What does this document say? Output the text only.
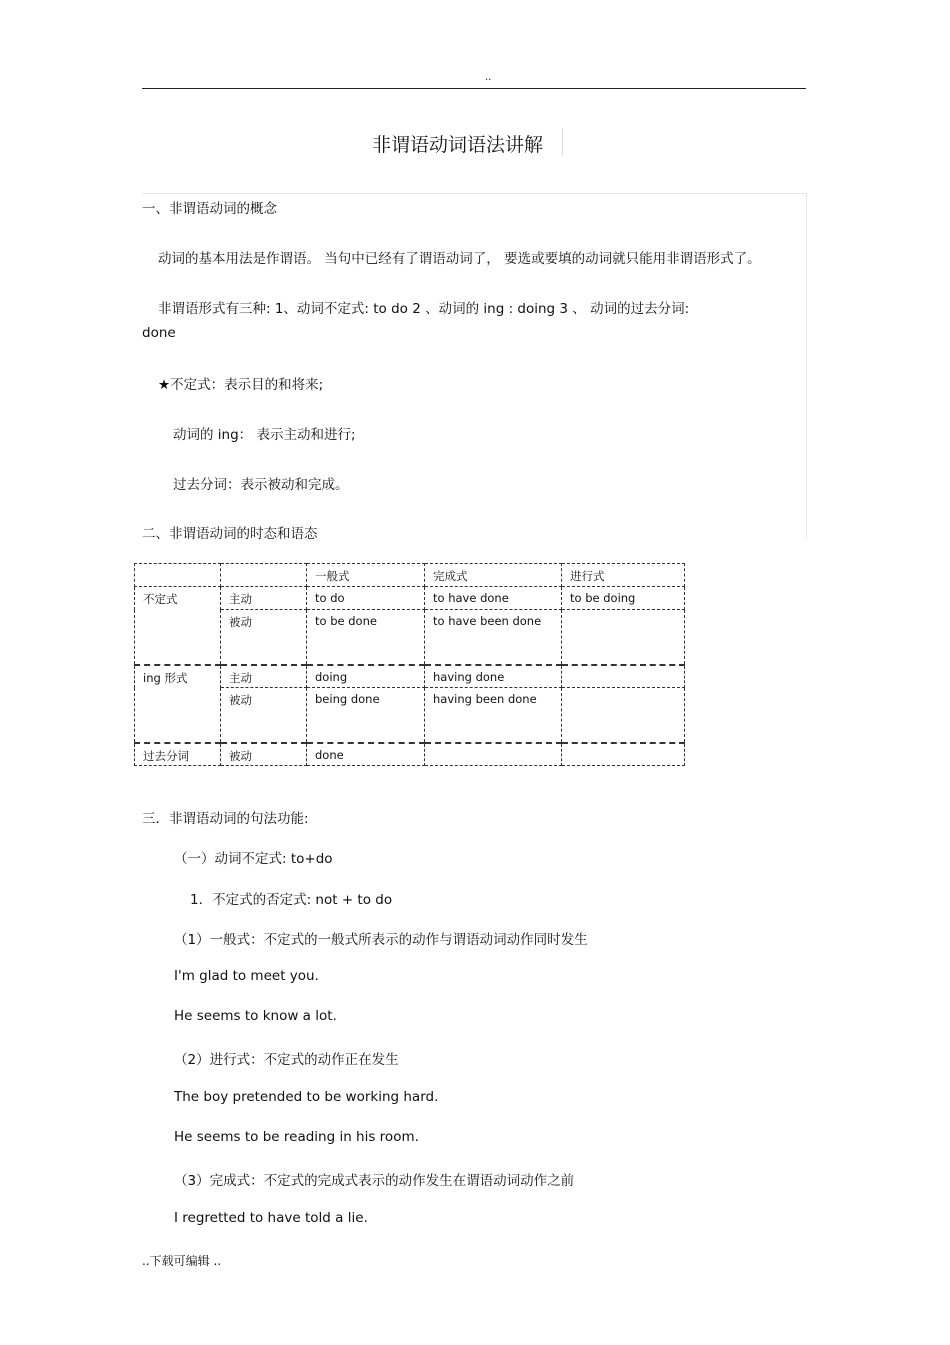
..
非谓语动词语法讲解
一、非谓语动词的概念
动词的基本用法是作谓语。 当句中已经有了谓语动词了， 要选或要填的动词就只能用非谓语形式了。
非谓语形式有三种: 1、动词不定式: to do 2 、动词的 ing : doing 3 、 动词的过去分词:
done
★不定式：表示目的和将来;
动词的 ing： 表示主动和进行;
过去分词：表示被动和完成。
二、非谓语动词的时态和语态
		一般式	完成式	进行式
不定式	主动	to do	to have done	to be doing
	被动	to be done	to have been done	
ing 形式	主动	doing	having done	
	被动	being done	having been done	
过去分词	被动	done		
三．非谓语动词的句法功能:
（一）动词不定式: to+do
1．不定式的否定式: not + to do
（1）一般式：不定式的一般式所表示的动作与谓语动词动作同时发生
I'm glad to meet you.
He seems to know a lot.
（2）进行式：不定式的动作正在发生
The boy pretended to be working hard.
He seems to be reading in his room.
（3）完成式：不定式的完成式表示的动作发生在谓语动词动作之前
I regretted to have told a lie.
..下载可编辑 ..
